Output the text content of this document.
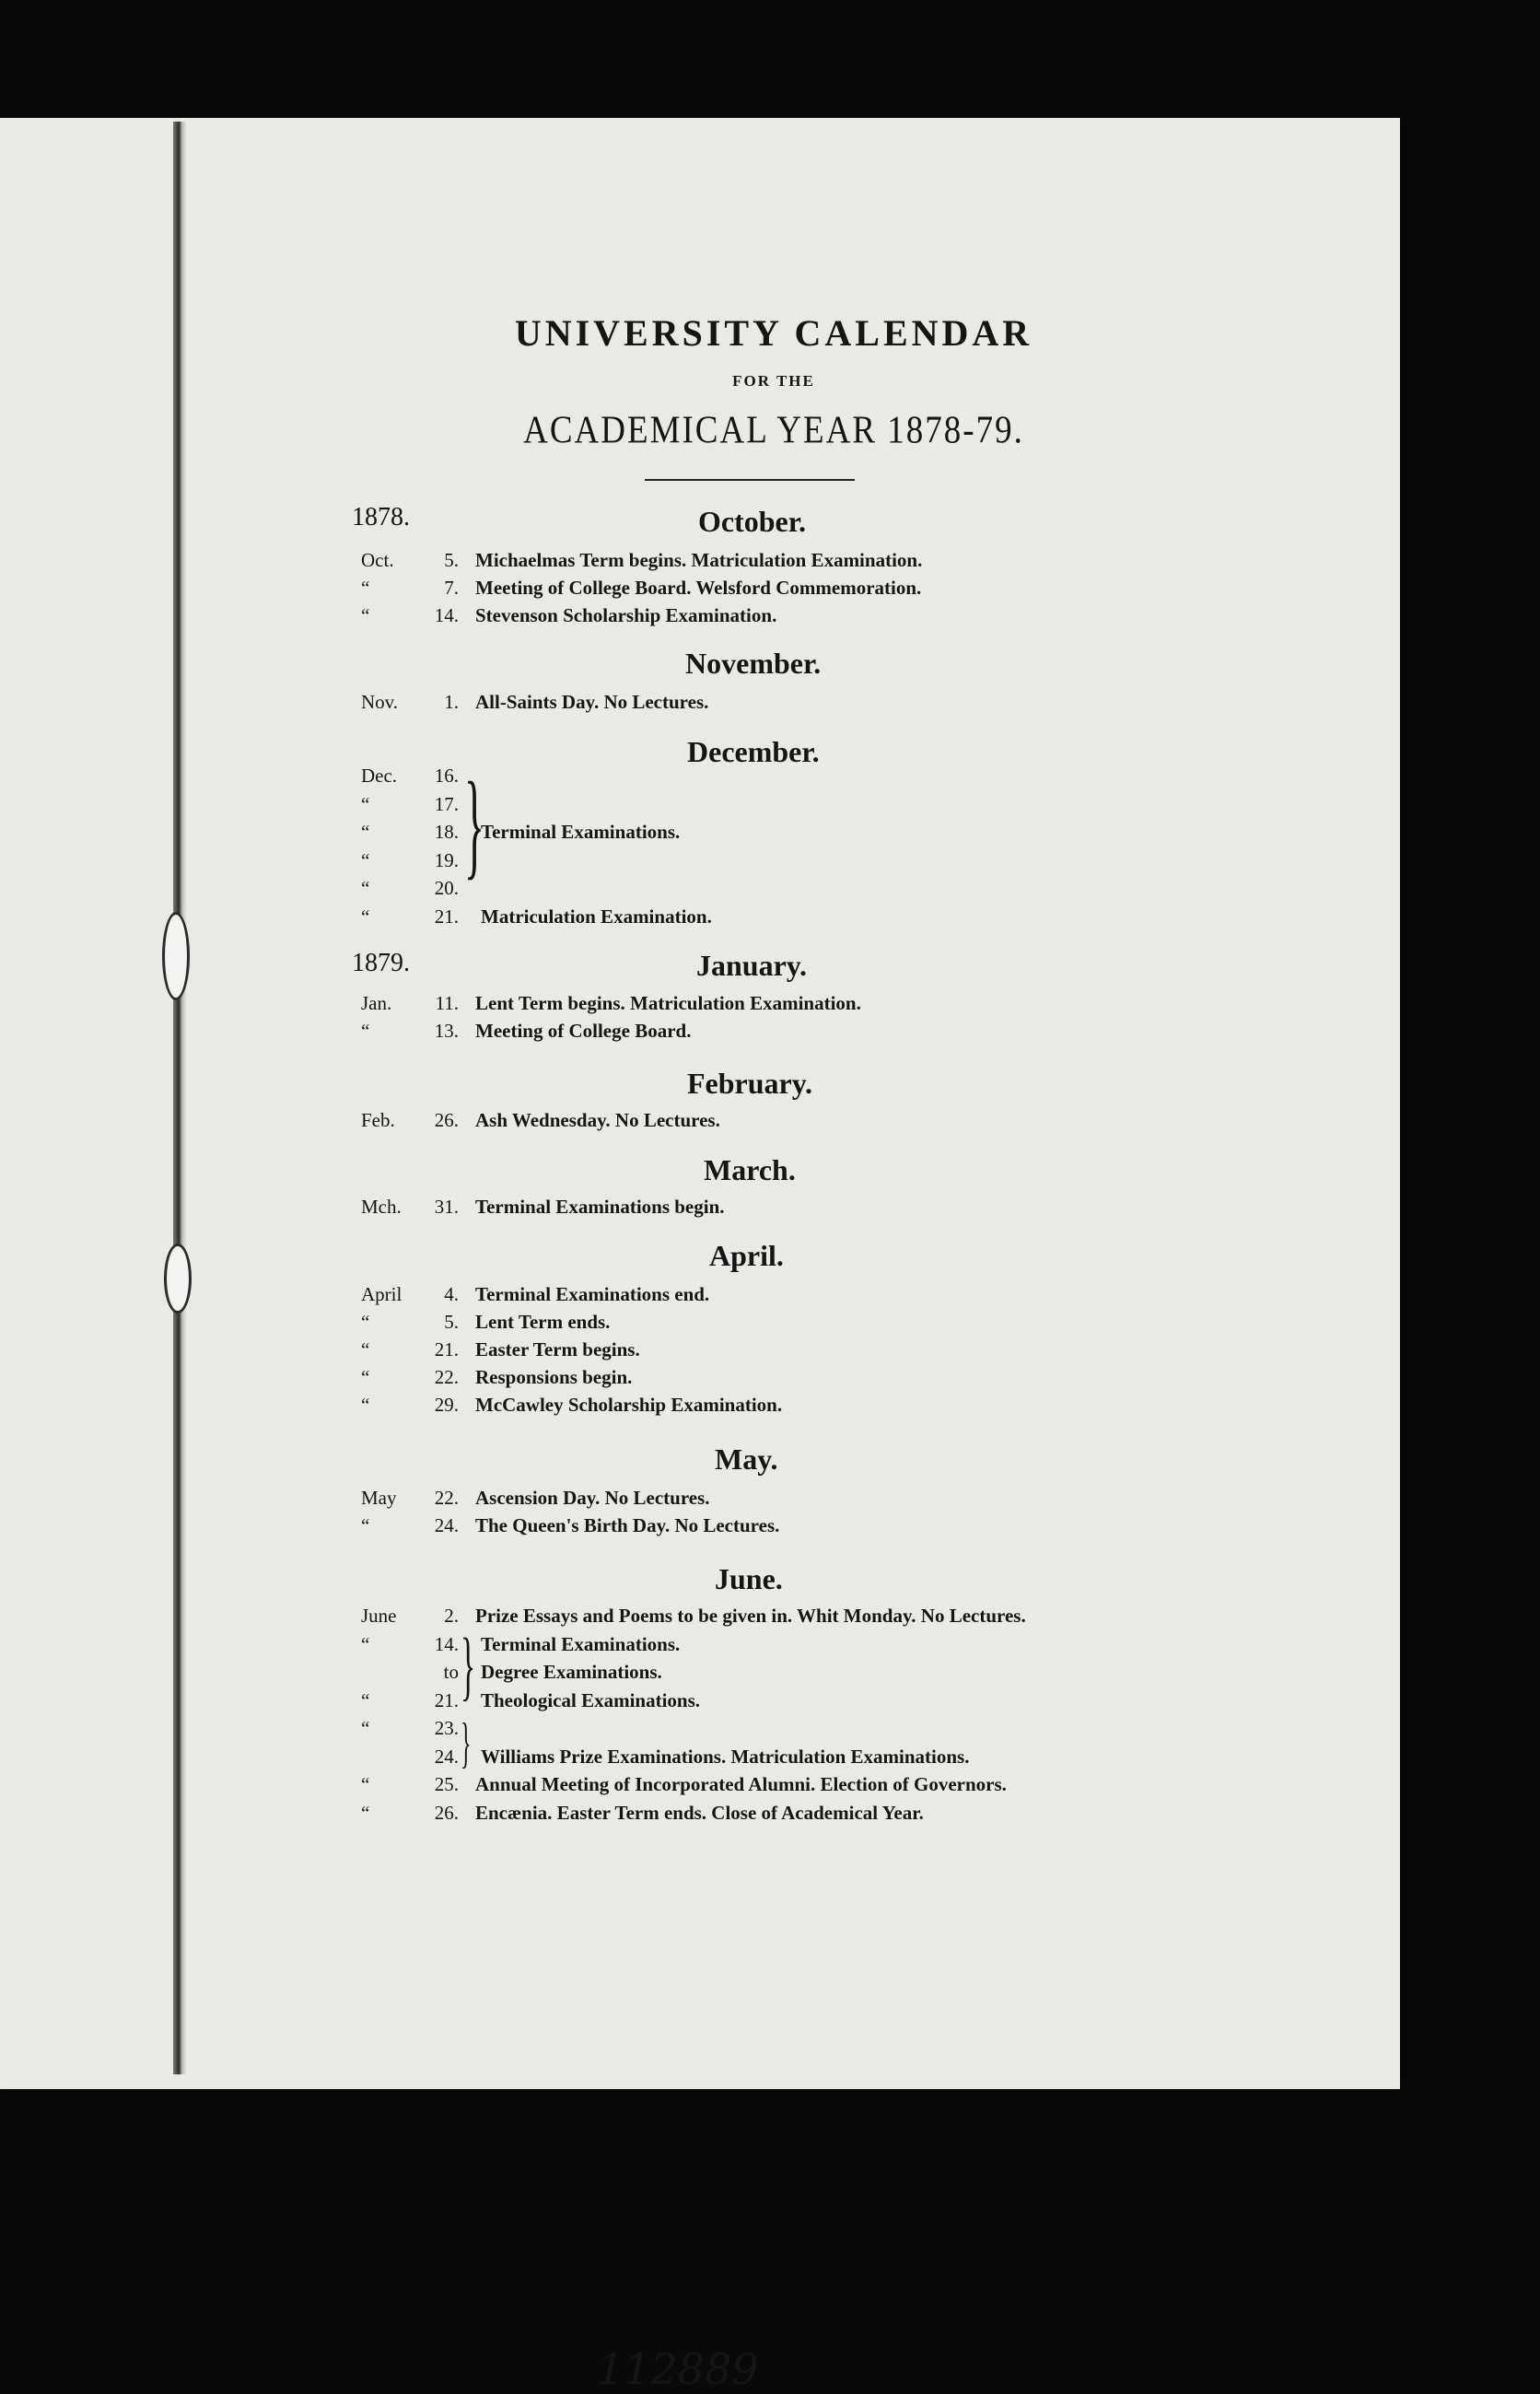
UNIVERSITY CALENDAR
FOR THE
ACADEMICAL YEAR 1878-79.
1878.
1879.
October.
November.
December.
January.
February.
March.
April.
May.
June.
Oct.	5. Michaelmas Term begins. Matriculation Examination.
“	7. Meeting of College Board. Welsford Commemoration.
“	14. Stevenson Scholarship Examination.
Nov.	1. All-Saints Day. No Lectures.
Dec.	16.
“	17.
“	18. Terminal Examinations.
“	19.
“	20.
“	21. Matriculation Examination.
Jan.	11. Lent Term begins. Matriculation Examination.
“	13. Meeting of College Board.
Feb.	26. Ash Wednesday. No Lectures.
Mch.	31. Terminal Examinations begin.
April	4. Terminal Examinations end.
“	5. Lent Term ends.
“	21. Easter Term begins.
“	22. Responsions begin.
“	29. McCawley Scholarship Examination.
May	22. Ascension Day. No Lectures.
“	24. The Queen's Birth Day. No Lectures.
June	2. Prize Essays and Poems to be given in. Whit Monday. No Lectures.
“	14. Terminal Examinations.
to Degree Examinations.
“	21. Theological Examinations.
“	23.
24. Williams Prize Examinations. Matriculation Examinations.
“	25. Annual Meeting of Incorporated Alumni. Election of Governors.
“	26. Encænia. Easter Term ends. Close of Academical Year.
}
}
}
112889
